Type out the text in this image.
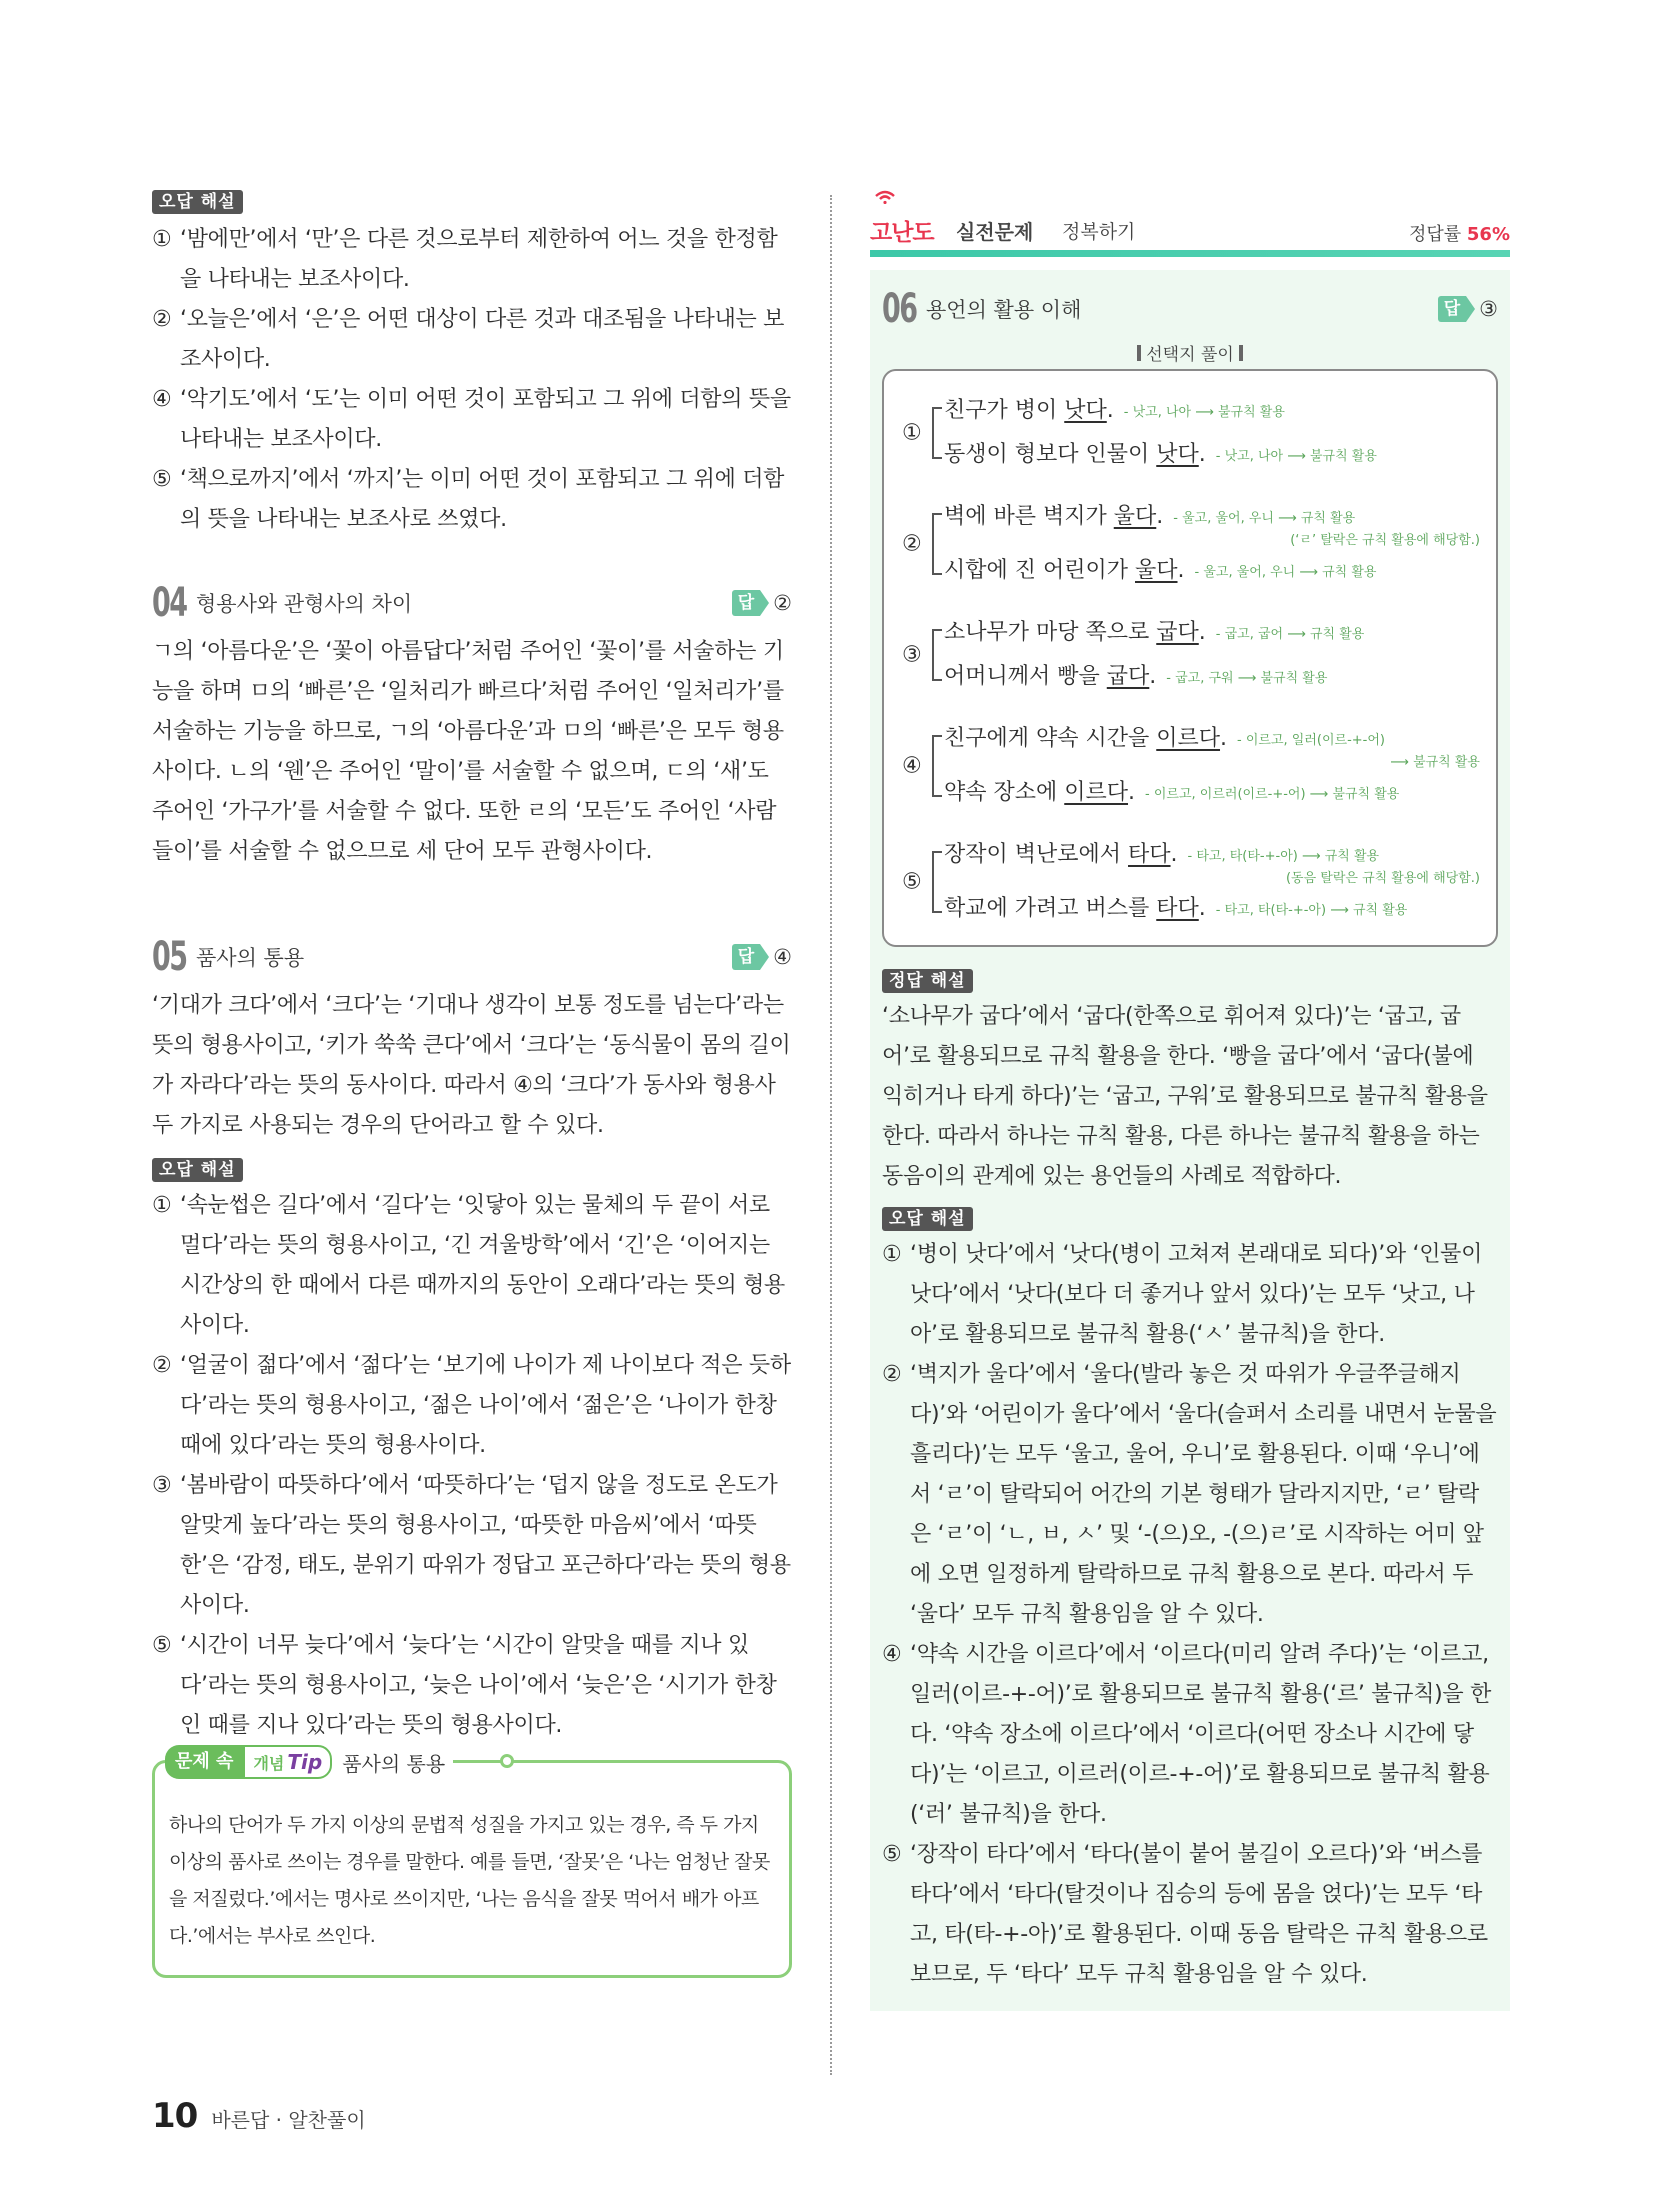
오답 해설
① ‘밤에만’에서 ‘만’은 다른 것으로부터 제한하여 어느 것을 한정함을 나타내는 보조사이다.
② ‘오늘은’에서 ‘은’은 어떤 대상이 다른 것과 대조됨을 나타내는 보조사이다.
④ ‘악기도’에서 ‘도’는 이미 어떤 것이 포함되고 그 위에 더함의 뜻을 나타내는 보조사이다.
⑤ ‘책으로까지’에서 ‘까지’는 이미 어떤 것이 포함되고 그 위에 더함의 뜻을 나타내는 보조사로 쓰였다.
04 형용사와 관형사의 차이	답 ②

ㄱ의 ‘아름다운’은 ‘꽃이 아름답다’처럼 주어인 ‘꽃이’를 서술하는 기능을 하며 ㅁ의 ‘빠른’은 ‘일처리가 빠르다’처럼 주어인 ‘일처리가’를 서술하는 기능을 하므로, ㄱ의 ‘아름다운’과 ㅁ의 ‘빠른’은 모두 형용사이다. ㄴ의 ‘웬’은 주어인 ‘말이’를 서술할 수 없으며, ㄷ의 ‘새’도 주어인 ‘가구가’를 서술할 수 없다. 또한 ㄹ의 ‘모든’도 주어인 ‘사람들이’를 서술할 수 없으므로 세 단어 모두 관형사이다.

05 품사의 통용	답 ④

‘기대가 크다’에서 ‘크다’는 ‘기대나 생각이 보통 정도를 넘는다’라는 뜻의 형용사이고, ‘키가 쑥쑥 큰다’에서 ‘크다’는 ‘동식물이 몸의 길이가 자라다’라는 뜻의 동사이다. 따라서 ④의 ‘크다’가 동사와 형용사 두 가지로 사용되는 경우의 단어라고 할 수 있다.

오답 해설
① ‘속눈썹은 길다’에서 ‘길다’는 ‘잇닿아 있는 물체의 두 끝이 서로 멀다’라는 뜻의 형용사이고, ‘긴 겨울방학’에서 ‘긴’은 ‘이어지는 시간상의 한 때에서 다른 때까지의 동안이 오래다’라는 뜻의 형용사이다.
② ‘얼굴이 젊다’에서 ‘젊다’는 ‘보기에 나이가 제 나이보다 적은 듯하다’라는 뜻의 형용사이고, ‘젊은 나이’에서 ‘젊은’은 ‘나이가 한창때에 있다’라는 뜻의 형용사이다.
③ ‘봄바람이 따뜻하다’에서 ‘따뜻하다’는 ‘덥지 않을 정도로 온도가 알맞게 높다’라는 뜻의 형용사이고, ‘따뜻한 마음씨’에서 ‘따뜻한’은 ‘감정, 태도, 분위기 따위가 정답고 포근하다’라는 뜻의 형용사이다.
⑤ ‘시간이 너무 늦다’에서 ‘늦다’는 ‘시간이 알맞을 때를 지나 있다’라는 뜻의 형용사이고, ‘늦은 나이’에서 ‘늦은’은 ‘시기가 한창인 때를 지나 있다’라는 뜻의 형용사이다.
문제 속	개념 Tip	품사의 통용

하나의 단어가 두 가지 이상의 문법적 성질을 가지고 있는 경우, 즉 두 가지 이상의 품사로 쓰이는 경우를 말한다. 예를 들면, ‘잘못’은 ‘나는 엄청난 잘못을 저질렀다.’에서는 명사로 쓰이지만, ‘나는 음식을 잘못 먹어서 배가 아프다.’에서는 부사로 쓰인다.

고난도 실전문제 정복하기	정답률 56%
06 용언의 활용 이해	답 ③
선택지 풀이
①
친구가 병이 낫다 . - 낫고, 나아 ⟶ 불규칙 활용
동생이 형보다 인물이 낫다 . - 낫고, 나아 ⟶ 불규칙 활용
②
벽에 바른 벽지가 울다 . - 울고, 울어, 우니 ⟶ 규칙 활용
(‘ㄹ’ 탈락은 규칙 활용에 해당함.)
시합에 진 어린이가 울다 . - 울고, 울어, 우니 ⟶ 규칙 활용
③
소나무가 마당 쪽으로 굽다 . - 굽고, 굽어 ⟶ 규칙 활용
어머니께서 빵을 굽다 . - 굽고, 구워 ⟶ 불규칙 활용
④
친구에게 약속 시간을 이르다 . - 이르고, 일러(이르-+-어)
⟶ 불규칙 활용
약속 장소에 이르다 . - 이르고, 이르러(이르-+-어) ⟶ 불규칙 활용
⑤
장작이 벽난로에서 타다 . - 타고, 타(타-+-아) ⟶ 규칙 활용
(동음 탈락은 규칙 활용에 해당함.)
학교에 가려고 버스를 타다 . - 타고, 타(타-+-아) ⟶ 규칙 활용
정답 해설

‘소나무가 굽다’에서 ‘굽다(한쪽으로 휘어져 있다)’는 ‘굽고, 굽어’로 활용되므로 규칙 활용을 한다. ‘빵을 굽다’에서 ‘굽다(불에 익히거나 타게 하다)’는 ‘굽고, 구워’로 활용되므로 불규칙 활용을 한다. 따라서 하나는 규칙 활용, 다른 하나는 불규칙 활용을 하는 동음이의 관계에 있는 용언들의 사례로 적합하다.

오답 해설
① ‘병이 낫다’에서 ‘낫다(병이 고쳐져 본래대로 되다)’와 ‘인물이 낫다’에서 ‘낫다(보다 더 좋거나 앞서 있다)’는 모두 ‘낫고, 나아’로 활용되므로 불규칙 활용(‘ㅅ’ 불규칙)을 한다.
② ‘벽지가 울다’에서 ‘울다(발라 놓은 것 따위가 우글쭈글해지다)’와 ‘어린이가 울다’에서 ‘울다(슬퍼서 소리를 내면서 눈물을 흘리다)’는 모두 ‘울고, 울어, 우니’로 활용된다. 이때 ‘우니’에서 ‘ㄹ’이 탈락되어 어간의 기본 형태가 달라지지만, ‘ㄹ’ 탈락은 ‘ㄹ’이 ‘ㄴ, ㅂ, ㅅ’ 및 ‘-(으)오, -(으)ㄹ’로 시작하는 어미 앞에 오면 일정하게 탈락하므로 규칙 활용으로 본다. 따라서 두 ‘울다’ 모두 규칙 활용임을 알 수 있다.
④ ‘약속 시간을 이르다’에서 ‘이르다(미리 알려 주다)’는 ‘이르고, 일러(이르-+-어)’로 활용되므로 불규칙 활용(‘르’ 불규칙)을 한다. ‘약속 장소에 이르다’에서 ‘이르다(어떤 장소나 시간에 닿다)’는 ‘이르고, 이르러(이르-+-어)’로 활용되므로 불규칙 활용(‘러’ 불규칙)을 한다.
⑤ ‘장작이 타다’에서 ‘타다(불이 붙어 불길이 오르다)’와 ‘버스를 타다’에서 ‘타다(탈것이나 짐승의 등에 몸을 얹다)’는 모두 ‘타고, 타(타-+-아)’로 활용된다. 이때 동음 탈락은 규칙 활용으로 보므로, 두 ‘타다’ 모두 규칙 활용임을 알 수 있다.
10 바른답 · 알찬풀이
